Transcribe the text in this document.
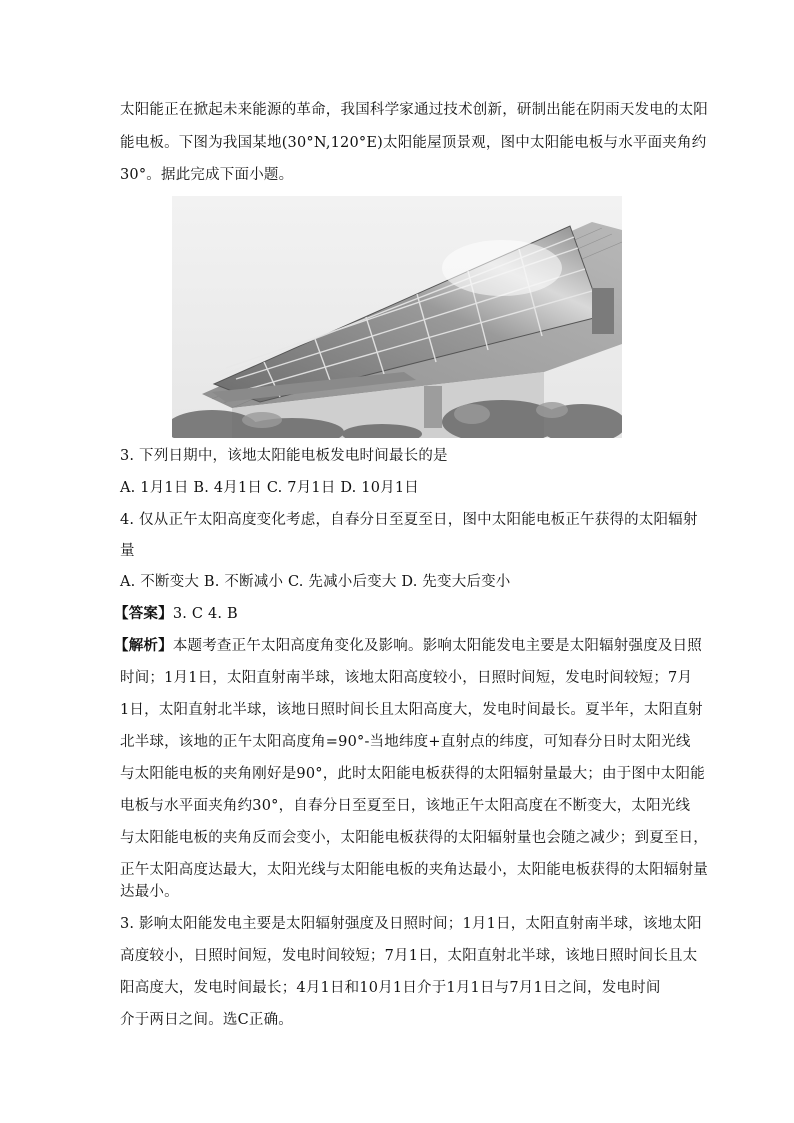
太阳能正在掀起未来能源的革命，我国科学家通过技术创新，研制出能在阴雨天发电的太阳
能电板。下图为我国某地(30°N,120°E)太阳能屋顶景观，图中太阳能电板与水平面夹角约
30°。据此完成下面小题。
3. 下列日期中，该地太阳能电板发电时间最长的是
A. 1月1日 B. 4月1日 C. 7月1日 D. 10月1日
4. 仅从正午太阳高度变化考虑，自春分日至夏至日，图中太阳能电板正午获得的太阳辐射
量
A. 不断变大 B. 不断减小 C. 先减小后变大 D. 先变大后变小
【答案】3. C 4. B
【解析】本题考查正午太阳高度角变化及影响。影响太阳能发电主要是太阳辐射强度及日照
时间；1月1日，太阳直射南半球，该地太阳高度较小，日照时间短，发电时间较短；7月
1日，太阳直射北半球，该地日照时间长且太阳高度大，发电时间最长。夏半年，太阳直射
北半球，该地的正午太阳高度角=90°-当地纬度+直射点的纬度，可知春分日时太阳光线
与太阳能电板的夹角刚好是90°，此时太阳能电板获得的太阳辐射量最大；由于图中太阳能
电板与水平面夹角约30°，自春分日至夏至日，该地正午太阳高度在不断变大，太阳光线
与太阳能电板的夹角反而会变小，太阳能电板获得的太阳辐射量也会随之减少；到夏至日，
正午太阳高度达最大，太阳光线与太阳能电板的夹角达最小，太阳能电板获得的太阳辐射量
达最小。
3. 影响太阳能发电主要是太阳辐射强度及日照时间；1月1日，太阳直射南半球，该地太阳
高度较小，日照时间短，发电时间较短；7月1日，太阳直射北半球，该地日照时间长且太
阳高度大，发电时间最长；4月1日和10月1日介于1月1日与7月1日之间，发电时间
介于两日之间。选C正确。
